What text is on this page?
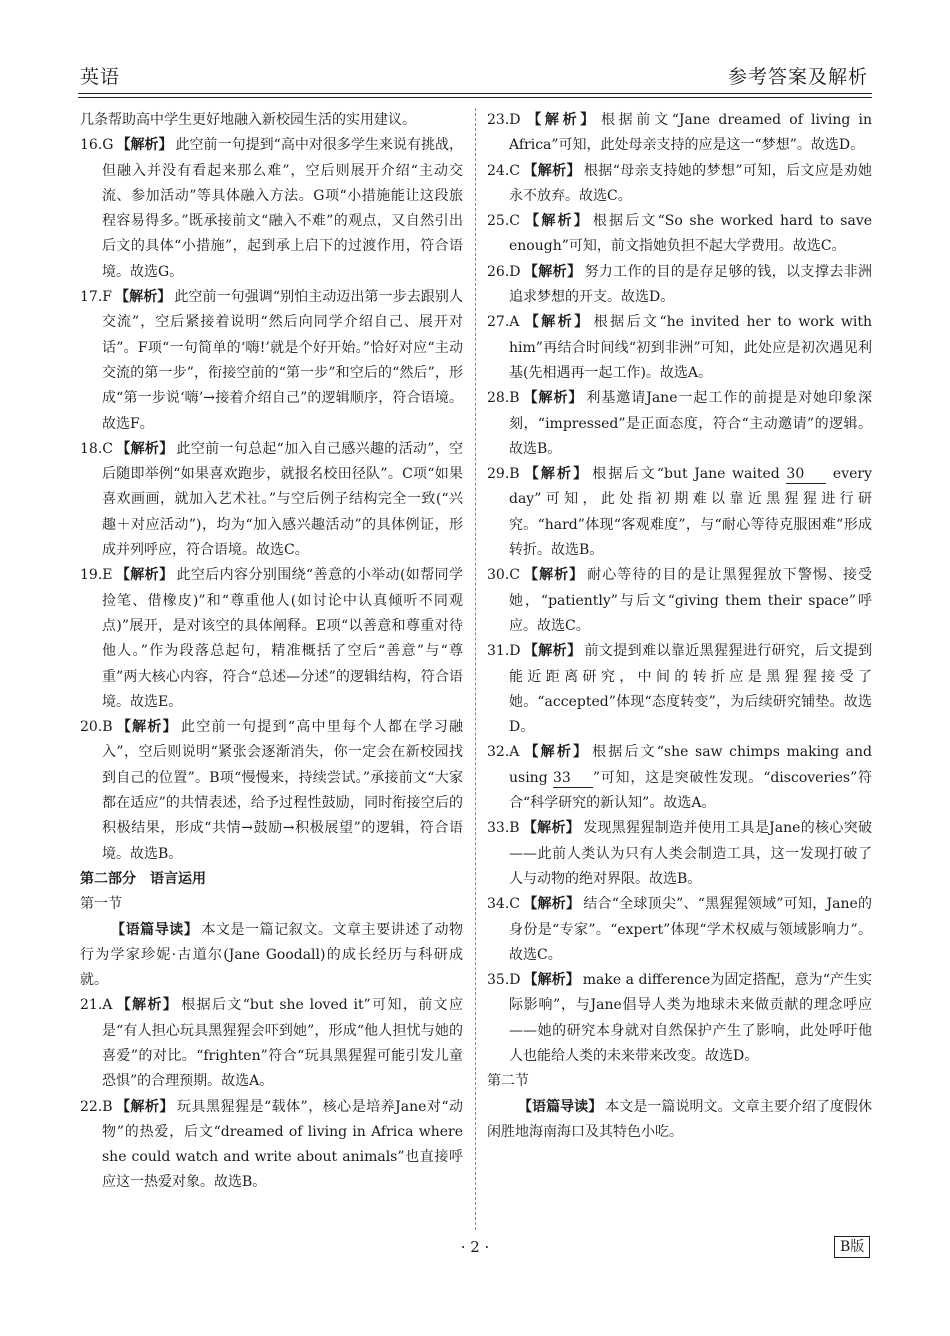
英语	参考答案及解析

几条帮助高中学生更好地融入新校园生活的实用建议。

16.G 【解析】 此空前一句提到“高中对很多学生来说有挑战，但融入并没有看起来那么难”，空后则展开介绍“主动交流、参加活动”等具体融入方法。G项“小措施能让这段旅程容易得多。”既承接前文“融入不难”的观点，又自然引出后文的具体“小措施”，起到承上启下的过渡作用，符合语境。故选G。

17.F 【解析】 此空前一句强调“别怕主动迈出第一步去跟别人交流”，空后紧接着说明“然后向同学介绍自己、展开对话”。F项“一句简单的‘嗨!’就是个好开始。”恰好对应“主动交流的第一步”，衔接空前的“第一步”和空后的“然后”，形成“第一步说‘嗨’→接着介绍自己”的逻辑顺序，符合语境。故选F。

18.C 【解析】 此空前一句总起“加入自己感兴趣的活动”，空后随即举例“如果喜欢跑步，就报名校田径队”。C项“如果喜欢画画，就加入艺术社。”与空后例子结构完全一致(“兴趣＋对应活动”)，均为“加入感兴趣活动”的具体例证，形成并列呼应，符合语境。故选C。

19.E 【解析】 此空后内容分别围绕“善意的小举动(如帮同学捡笔、借橡皮)”和“尊重他人(如讨论中认真倾听不同观点)”展开，是对该空的具体阐释。E项“以善意和尊重对待他人。”作为段落总起句，精准概括了空后“善意”与“尊重”两大核心内容，符合“总述—分述”的逻辑结构，符合语境。故选E。

20.B 【解析】 此空前一句提到“高中里每个人都在学习融入”，空后则说明“紧张会逐渐消失，你一定会在新校园找到自己的位置”。B项“慢慢来，持续尝试。”承接前文“大家都在适应”的共情表述，给予过程性鼓励，同时衔接空后的积极结果，形成“共情→鼓励→积极展望”的逻辑，符合语境。故选B。

第二部分　语言运用

第一节

【语篇导读】 本文是一篇记叙文。文章主要讲述了动物行为学家珍妮·古道尔(Jane Goodall)的成长经历与科研成就。

21.A 【解析】 根据后文“but she loved it”可知，前文应是“有人担心玩具黑猩猩会吓到她”，形成“他人担忧与她的喜爱”的对比。“frighten”符合“玩具黑猩猩可能引发儿童恐惧”的合理预期。故选A。

22.B 【解析】 玩具黑猩猩是“载体”，核心是培养Jane对“动物”的热爱，后文“dreamed of living in Africa where she could watch and write about animals”也直接呼应这一热爱对象。故选B。

23.D 【解析】 根据前文“Jane dreamed of living in Africa”可知，此处母亲支持的应是这一“梦想”。故选D。

24.C 【解析】 根据“母亲支持她的梦想”可知，后文应是劝她永不放弃。故选C。

25.C 【解析】 根据后文“So she worked hard to save enough”可知，前文指她负担不起大学费用。故选C。

26.D 【解析】 努力工作的目的是存足够的钱，以支撑去非洲追求梦想的开支。故选D。

27.A 【解析】 根据后文“he invited her to work with him”再结合时间线“初到非洲”可知，此处应是初次遇见利基(先相遇再一起工作)。故选A。

28.B 【解析】 利基邀请Jane一起工作的前提是对她印象深刻，“impressed”是正面态度，符合“主动邀请”的逻辑。故选B。

29.B 【解析】 根据后文“but Jane waited 30 every day”可知，此处指初期难以靠近黑猩猩进行研究。“hard”体现“客观难度”，与“耐心等待克服困难”形成转折。故选B。

30.C 【解析】 耐心等待的目的是让黑猩猩放下警惕、接受她，“patiently”与后文“giving them their space”呼应。故选C。

31.D 【解析】 前文提到难以靠近黑猩猩进行研究，后文提到能近距离研究，中间的转折应是黑猩猩接受了她。“accepted”体现“态度转变”，为后续研究铺垫。故选D。

32.A 【解析】 根据后文“she saw chimps making and using 33 ”可知，这是突破性发现。“discoveries”符合“科学研究的新认知”。故选A。

33.B 【解析】 发现黑猩猩制造并使用工具是Jane的核心突破——此前人类认为只有人类会制造工具，这一发现打破了人与动物的绝对界限。故选B。

34.C 【解析】 结合“全球顶尖”、“黑猩猩领域”可知，Jane的身份是“专家”。“expert”体现“学术权威与领域影响力”。故选C。

35.D 【解析】 make a difference为固定搭配，意为“产生实际影响”，与Jane倡导人类为地球未来做贡献的理念呼应——她的研究本身就对自然保护产生了影响，此处呼吁他人也能给人类的未来带来改变。故选D。

第二节

【语篇导读】 本文是一篇说明文。文章主要介绍了度假休闲胜地海南海口及其特色小吃。

· 2 ·	B版
